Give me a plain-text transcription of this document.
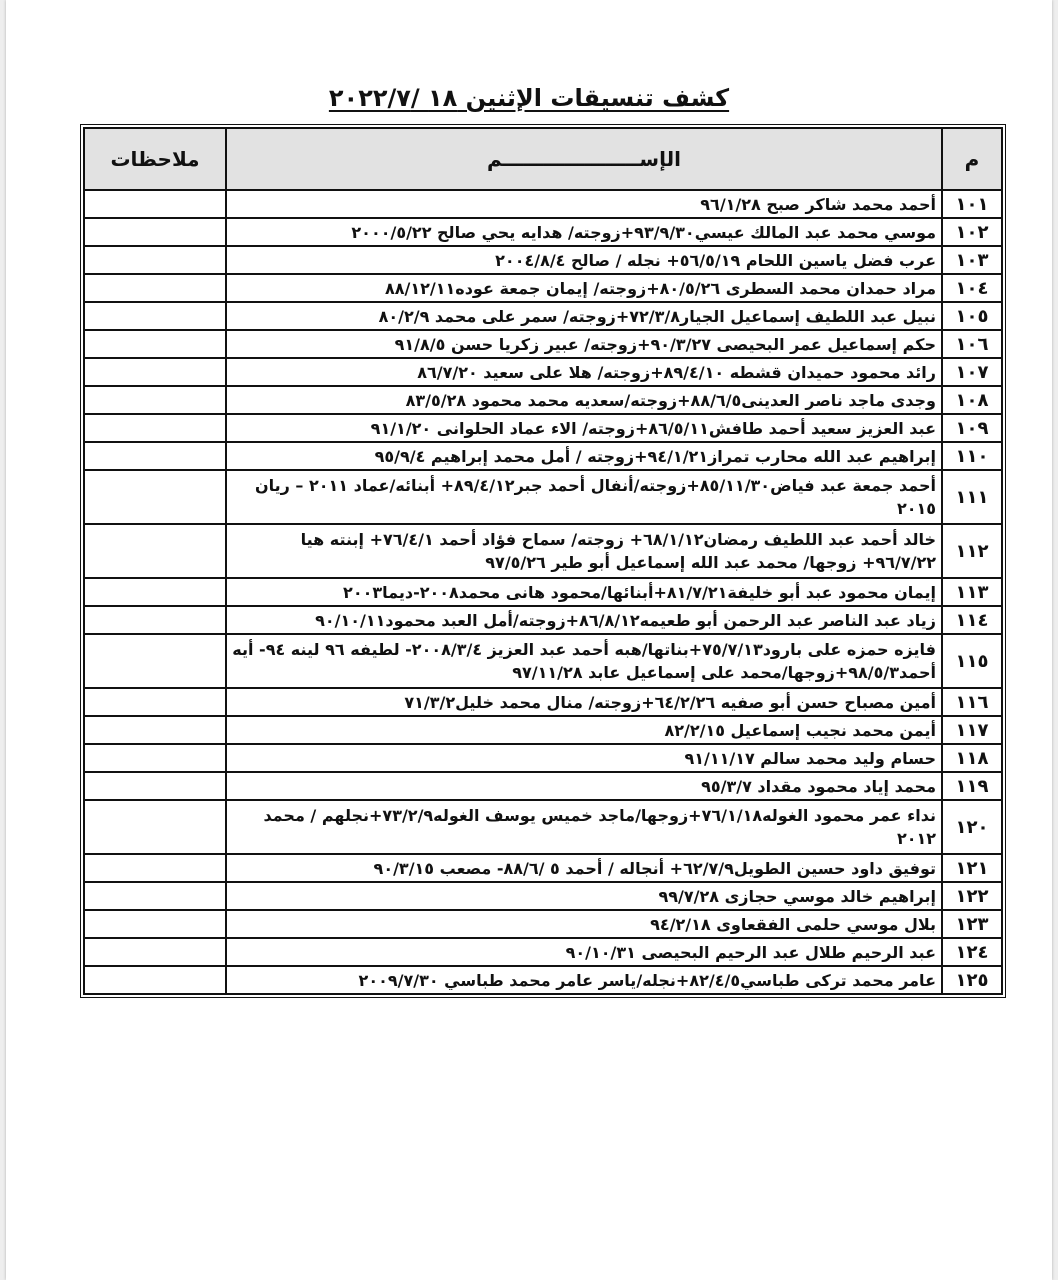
كشف تنسيقات الإثنين ١٨ /٢٠٢٢/٧
م	الإســــــــــــــــــــم	ملاحظات
١٠١	أحمد محمد شاكر صبح ٩٦/١/٢٨	
١٠٢	موسي محمد عبد المالك عيسي٩٣/٩/٣٠+زوجته/ هدايه يحي صالح ٢٠٠٠/٥/٢٢	
١٠٣	عرب فضل ياسين اللحام ٥٦/٥/١٩+ نجله / صالح ٢٠٠٤/٨/٤	
١٠٤	مراد حمدان محمد السطرى ٨٠/٥/٢٦+زوجته/ إيمان جمعة عوده٨٨/١٢/١١	
١٠٥	نبيل عبد اللطيف إسماعيل الجيار٧٢/٣/٨+زوجته/ سمر على محمد ٨٠/٢/٩	
١٠٦	حكم إسماعيل عمر البحيصى ٩٠/٣/٢٧+زوجته/ عبير زكريا حسن ٩١/٨/٥	
١٠٧	رائد محمود حميدان قشطه ٨٩/٤/١٠+زوجته/ هلا على سعيد ٨٦/٧/٢٠	
١٠٨	وجدى ماجد ناصر العدينى٨٨/٦/٥+زوجته/سعديه محمد محمود ٨٣/٥/٢٨	
١٠٩	عبد العزيز سعيد أحمد طافش٨٦/٥/١١+زوجته/ الاء عماد الحلوانى ٩١/١/٢٠	
١١٠	إبراهيم عبد الله محارب تمراز٩٤/١/٢١+زوجته / أمل محمد إبراهيم ٩٥/٩/٤	
١١١	أحمد جمعة عبد فياض٨٥/١١/٣٠+زوجته/أنفال أحمد جبر٨٩/٤/١٢+ أبنائه/عماد ٢٠١١ – ريان ٢٠١٥	
١١٢	خالد أحمد عبد اللطيف رمضان٦٨/١/١٢+ زوجته/ سماح فؤاد أحمد ٧٦/٤/١+ إبنته هيا ٩٦/٧/٢٢+ زوجها/ محمد عبد الله إسماعيل أبو طير ٩٧/٥/٢٦	
١١٣	إيمان محمود عبد أبو خليفة٨١/٧/٢١+أبنائها/محمود هانى محمد٢٠٠٨-ديما٢٠٠٣	
١١٤	زياد عبد الناصر عبد الرحمن أبو طعيمه٨٦/٨/١٢+زوجته/أمل العبد محمود٩٠/١٠/١١	
١١٥	فايزه حمزه على بارود٧٥/٧/١٣+بناتها/هبه أحمد عبد العزيز ٢٠٠٨/٣/٤- لطيفه ٩٦ لينه ٩٤- أيه أحمد٩٨/٥/٣+زوجها/محمد على إسماعيل عابد ٩٧/١١/٢٨	
١١٦	أمين مصباح حسن أبو صفيه ٦٤/٢/٢٦+زوجته/ منال محمد خليل٧١/٣/٢	
١١٧	أيمن محمد نجيب إسماعيل ٨٢/٢/١٥	
١١٨	حسام وليد محمد سالم ٩١/١١/١٧	
١١٩	محمد إياد محمود مقداد ٩٥/٣/٧	
١٢٠	نداء عمر محمود الغوله٧٦/١/١٨+زوجها/ماجد خميس يوسف الغوله٧٣/٢/٩+نجلهم / محمد ٢٠١٢	
١٢١	توفيق داود حسين الطويل٦٢/٧/٩+ أنجاله / أحمد ٥ /٨٨/٦- مصعب ٩٠/٣/١٥	
١٢٢	إبراهيم خالد موسي حجازى ٩٩/٧/٢٨	
١٢٣	بلال موسي حلمى الفقعاوى ٩٤/٢/١٨	
١٢٤	عبد الرحيم طلال عبد الرحيم البحيصى ٩٠/١٠/٣١	
١٢٥	عامر محمد تركى طباسي٨٢/٤/٥+نجله/ياسر عامر محمد طباسي ٢٠٠٩/٧/٣٠	
